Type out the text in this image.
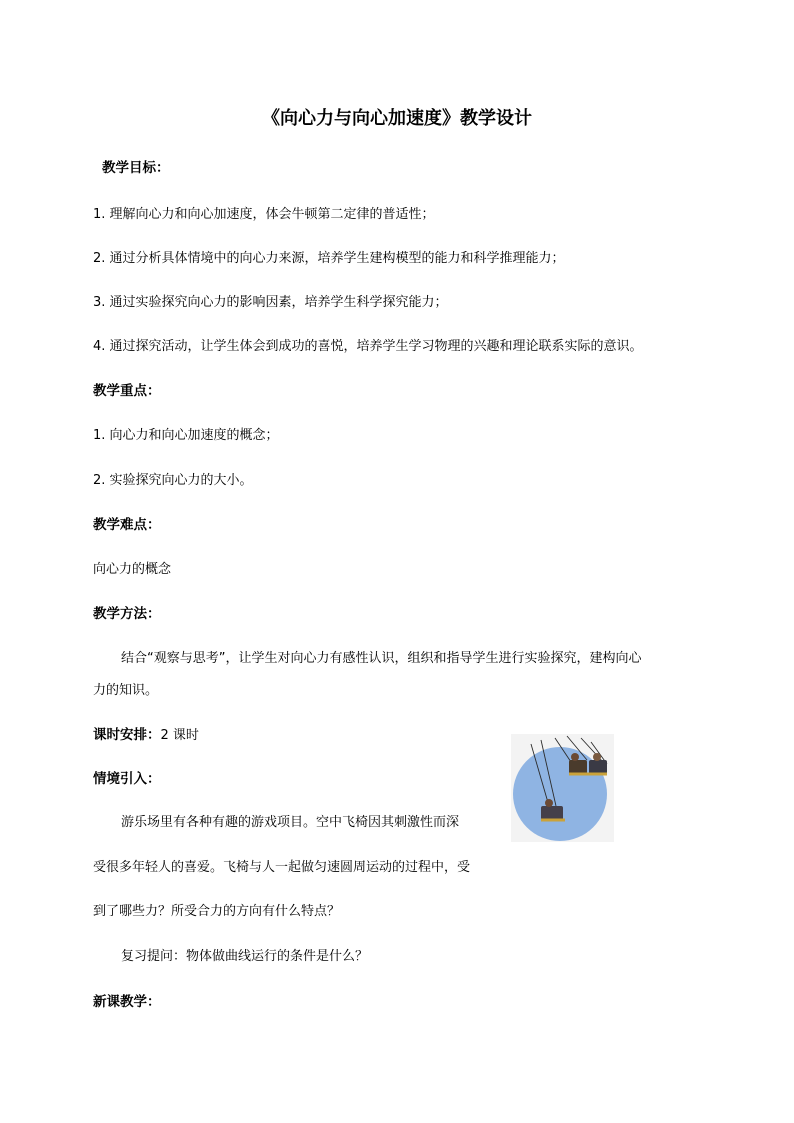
《向心力与向心加速度》教学设计
教学目标：
1. 理解向心力和向心加速度，体会牛顿第二定律的普适性；
2. 通过分析具体情境中的向心力来源，培养学生建构模型的能力和科学推理能力；
3. 通过实验探究向心力的影响因素，培养学生科学探究能力；
4. 通过探究活动，让学生体会到成功的喜悦，培养学生学习物理的兴趣和理论联系实际的意识。
教学重点：
1. 向心力和向心加速度的概念；
2. 实验探究向心力的大小。
教学难点：
向心力的概念
教学方法：
结合“观察与思考”，让学生对向心力有感性认识，组织和指导学生进行实验探究，建构向心
力的知识。
课时安排：2 课时
情境引入：
游乐场里有各种有趣的游戏项目。空中飞椅因其刺激性而深
受很多年轻人的喜爱。飞椅与人一起做匀速圆周运动的过程中，受
到了哪些力？所受合力的方向有什么特点？
复习提问：物体做曲线运行的条件是什么？
新课教学：
